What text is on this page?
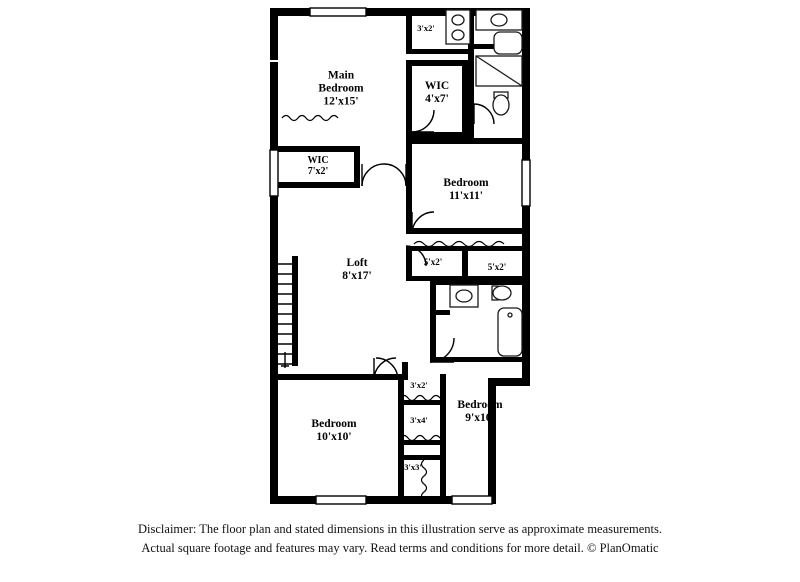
Main
Bedroom
12'x15'
WIC
4'x7'
3'x2'
WIC
7'x2'
Bedroom
11'x11'
5'x2'	5'x2'
Loft
8'x17'
3'x2'
3'x4'
3'x3'
Bedroom
9'x10'
Bedroom
10'x10'
Disclaimer: The floor plan and stated dimensions in this illustration serve as approximate measurements.
Actual square footage and features may vary. Read terms and conditions for more detail. © PlanOmatic
